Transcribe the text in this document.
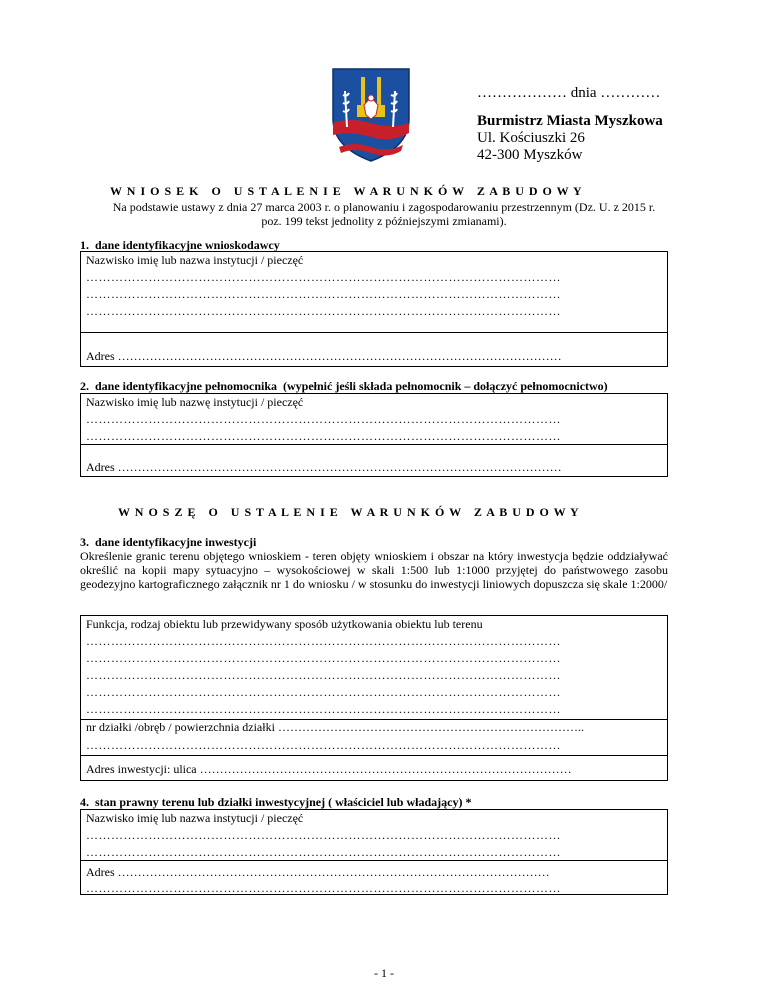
……………… dnia …………
Burmistrz Miasta Myszkowa
Ul. Kościuszki 26
42-300 Myszków
W N I O S E K   O   U S T A L E N I E   W A R U N K Ó W   Z A B U D O W Y
Na podstawie ustawy z dnia 27 marca 2003 r. o planowaniu i zagospodarowaniu przestrzennym (Dz. U. z 2015 r.
poz. 199 tekst jednolity z późniejszymi zmianami).
1.  dane identyfikacyjne wnioskodawcy
Nazwisko imię lub nazwa instytucji / pieczęć
……………………………………………………………………………………………………
……………………………………………………………………………………………………
……………………………………………………………………………………………………
Adres …………………………………………………………………………………………………
2.  dane identyfikacyjne pełnomocnika  (wypełnić jeśli składa pełnomocnik – dołączyć pełnomocnictwo)
Nazwisko imię lub nazwę instytucji / pieczęć
……………………………………………………………………………………………………
……………………………………………………………………………………………………
Adres …………………………………………………………………………………………………
W N O S Z Ę   O   U S T A L E N I E   W A R U N K Ó W   Z A B U D O W Y
3.  dane identyfikacyjne inwestycji
Określenie granic terenu objętego wnioskiem - teren objęty wnioskiem i obszar na który inwestycja będzie oddziaływać określić na kopii mapy sytuacyjno – wysokościowej w skali 1:500 lub 1:1000 przyjętej do państwowego zasobu geodezyjno kartograficznego załącznik nr 1 do wniosku / w stosunku do inwestycji liniowych dopuszcza się skale 1:2000/
Funkcja, rodzaj obiektu lub przewidywany sposób użytkowania obiektu lub terenu
……………………………………………………………………………………………………
……………………………………………………………………………………………………
……………………………………………………………………………………………………
……………………………………………………………………………………………………
……………………………………………………………………………………………………
nr działki /obręb / powierzchnia działki …………………………………………………………………..
……………………………………………………………………………………………………
Adres inwestycji: ulica …………………………………………………………………………………
4.  stan prawny terenu lub działki inwestycyjnej ( właściciel lub władający) *
Nazwisko imię lub nazwa instytucji / pieczęć
……………………………………………………………………………………………………
……………………………………………………………………………………………………
Adres ………………………………………………………………………………………………
……………………………………………………………………………………………………
- 1 -
